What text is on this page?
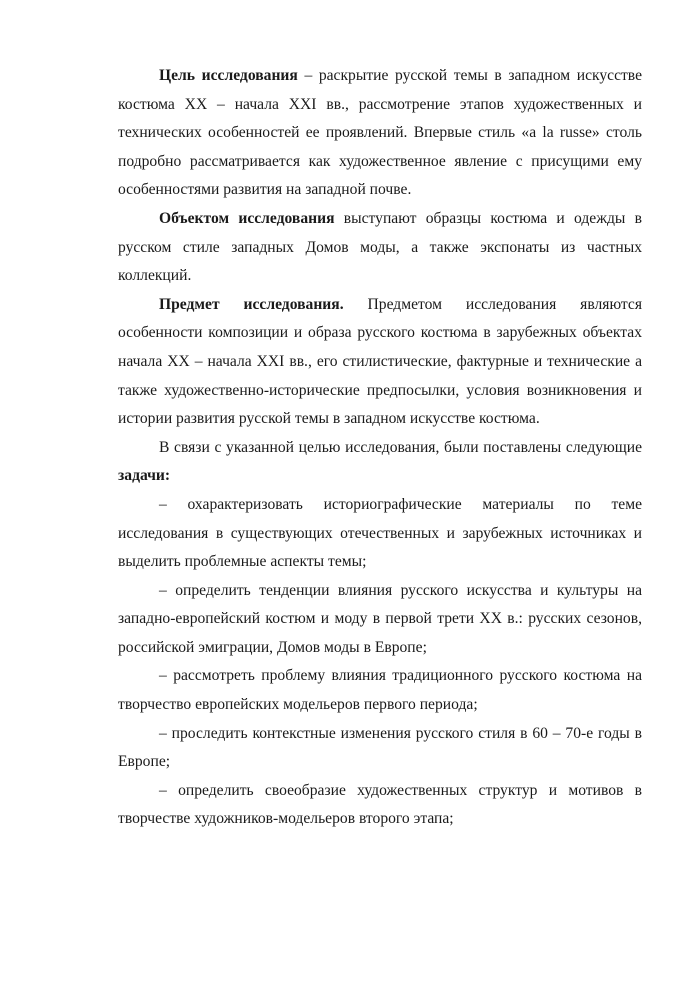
Цель исследования – раскрытие русской темы в западном искусстве костюма XX – начала XXI вв., рассмотрение этапов художественных и технических особенностей ее проявлений. Впервые стиль «a la russe» столь подробно рассматривается как художественное явление с присущими ему особенностями развития на западной почве.

Объектом исследования выступают образцы костюма и одежды в русском стиле западных Домов моды, а также экспонаты из частных коллекций.

Предмет исследования. Предметом исследования являются особенности композиции и образа русского костюма в зарубежных объектах начала XX – начала XXI вв., его стилистические, фактурные и технические а также художественно-исторические предпосылки, условия возникновения и истории развития русской темы в западном искусстве костюма.

В связи с указанной целью исследования, были поставлены следующие задачи:

– охарактеризовать историографические материалы по теме исследования в существующих отечественных и зарубежных источниках и выделить проблемные аспекты темы;

– определить тенденции влияния русского искусства и культуры на западно-европейский костюм и моду в первой трети XX в.: русских сезонов, российской эмиграции, Домов моды в Европе;

– рассмотреть проблему влияния традиционного русского костюма на творчество европейских модельеров первого периода;

– проследить контекстные изменения русского стиля в 60 – 70-е годы в Европе;

– определить своеобразие художественных структур и мотивов в творчестве художников-модельеров второго этапа;
